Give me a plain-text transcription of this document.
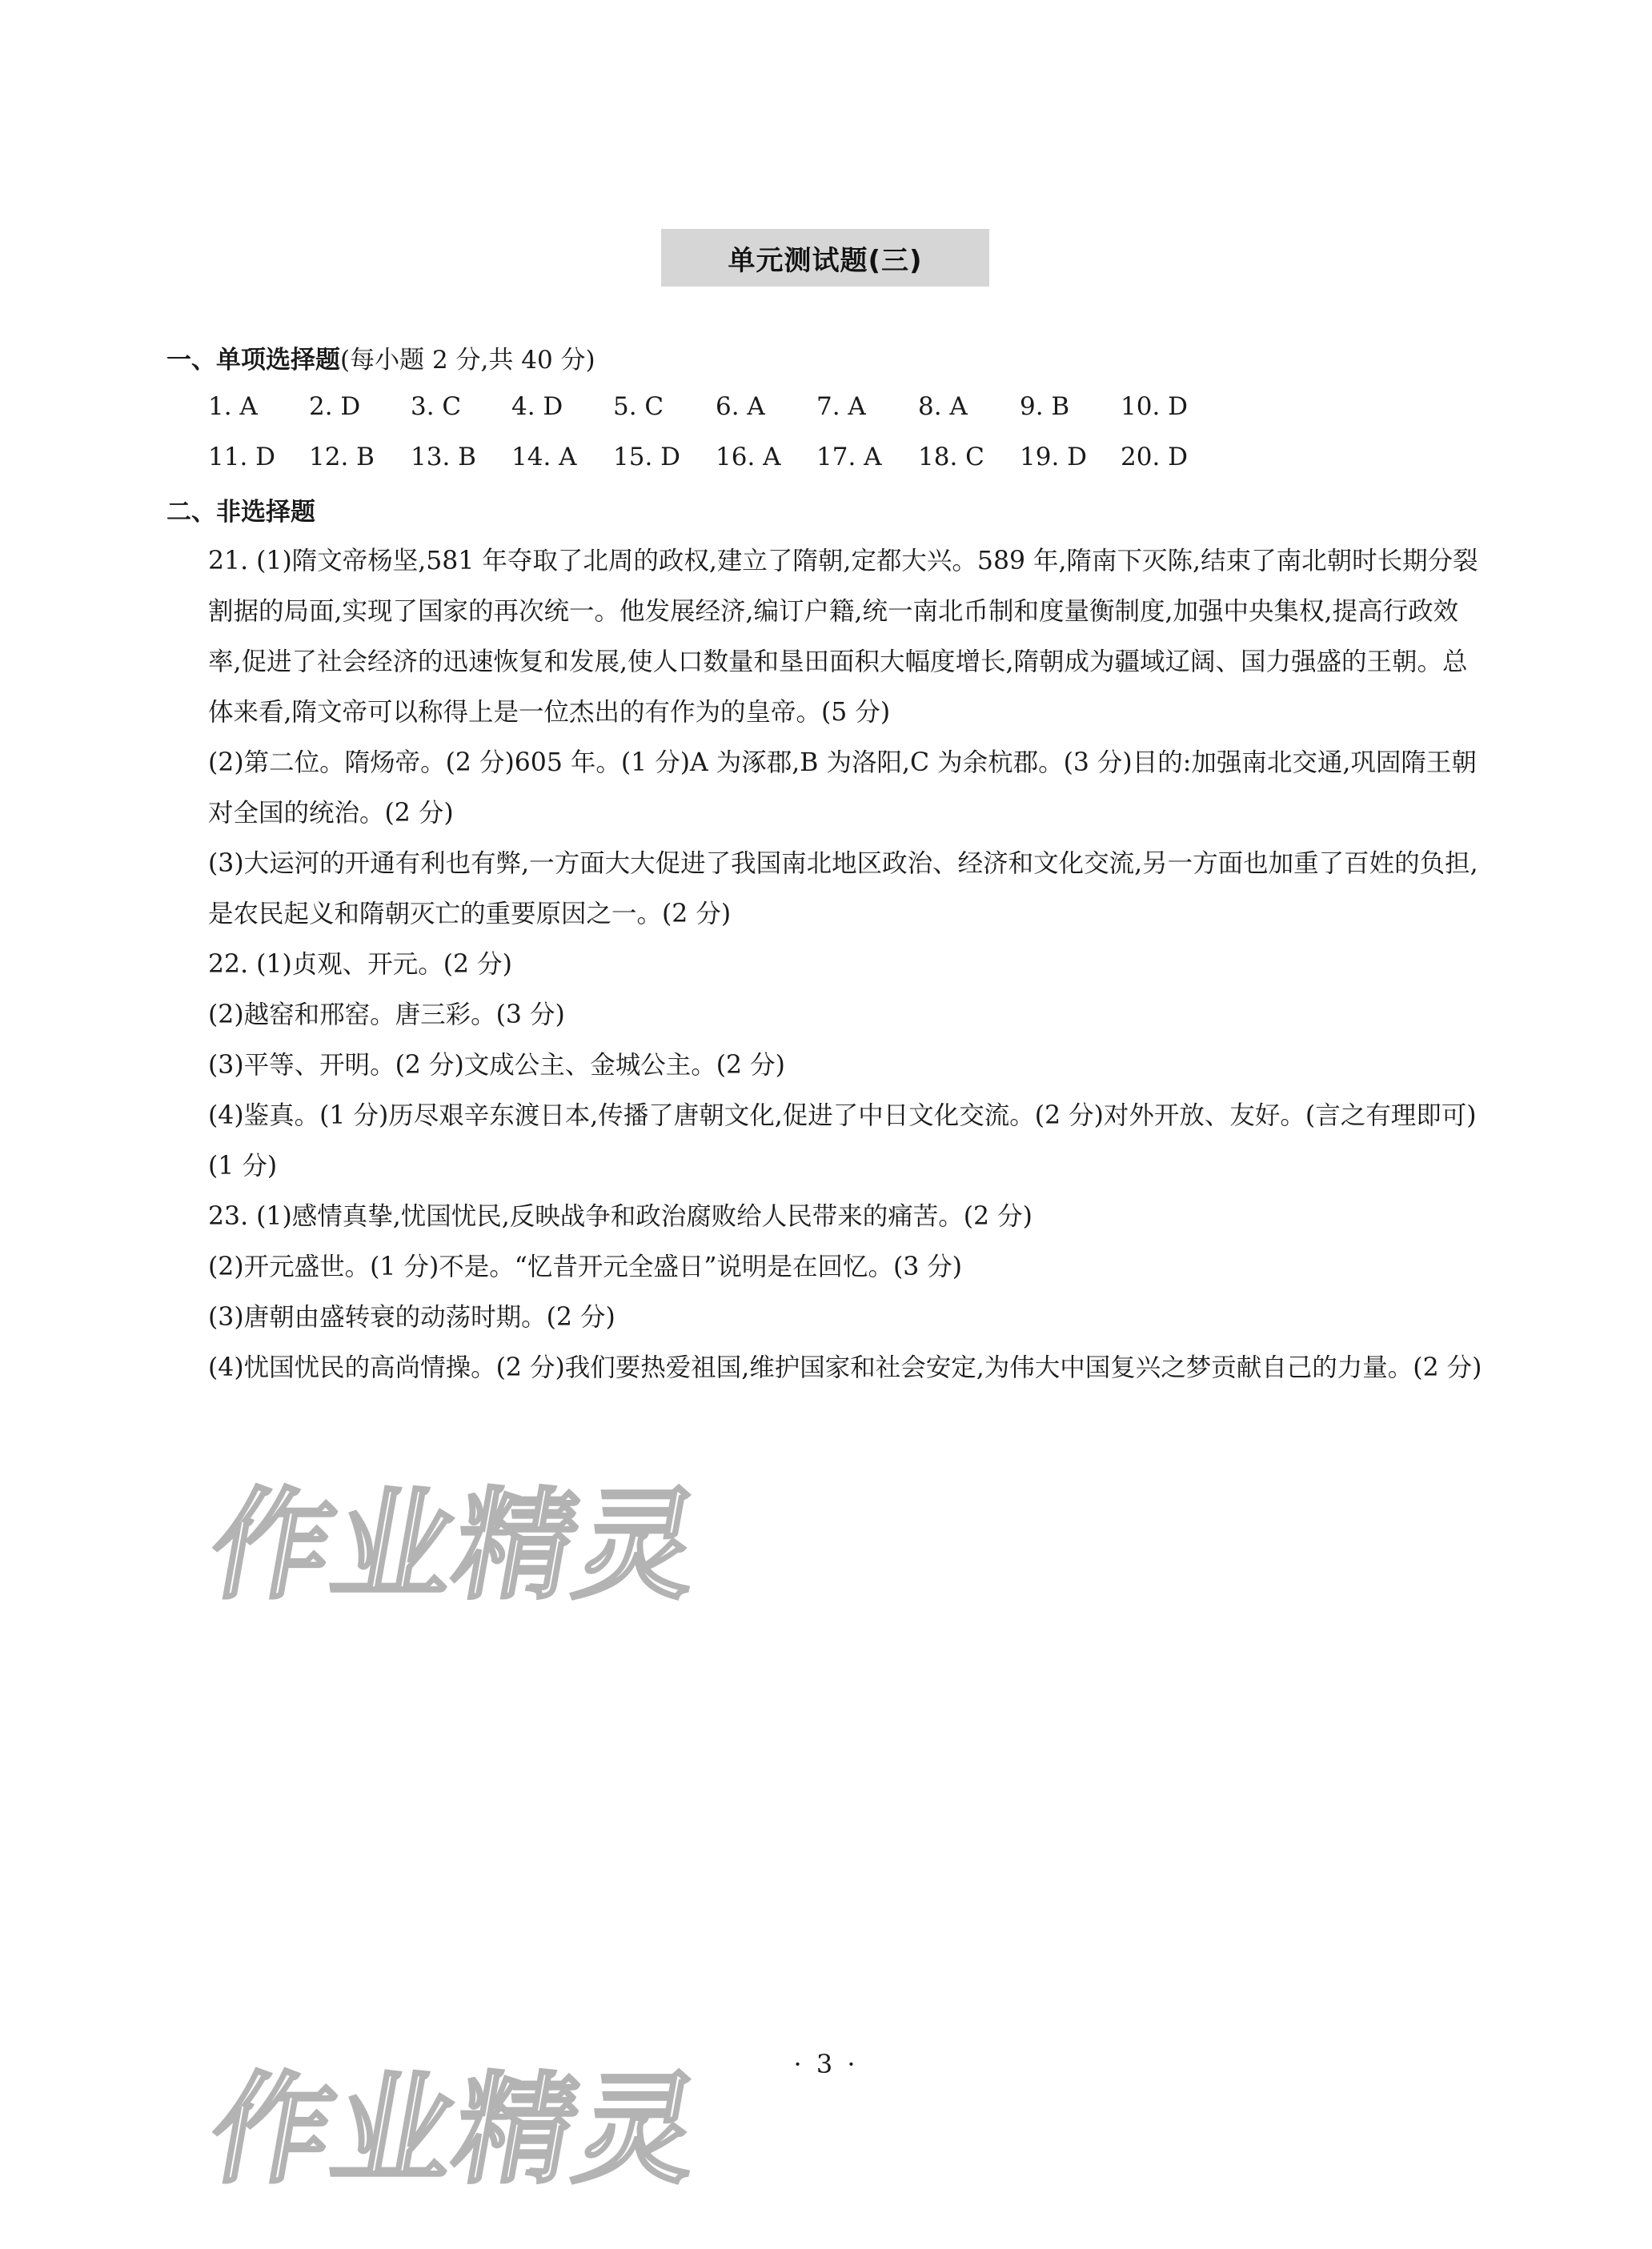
单元测试题(三)
一、单项选择题(每小题 2 分,共 40 分)
1. A 2. D 3. C 4. D 5. C 6. A 7. A 8. A 9. B 10. D
11. D 12. B 13. B 14. A 15. D 16. A 17. A 18. C 19. D 20. D
二、非选择题

21. (1)隋文帝杨坚,581 年夺取了北周的政权,建立了隋朝,定都大兴。589 年,隋南下灭陈,结束了南北朝时长期分裂割据的局面,实现了国家的再次统一。他发展经济,编订户籍,统一南北币制和度量衡制度,加强中央集权,提高行政效率,促进了社会经济的迅速恢复和发展,使人口数量和垦田面积大幅度增长,隋朝成为疆域辽阔、国力强盛的王朝。总体来看,隋文帝可以称得上是一位杰出的有作为的皇帝。(5 分)

(2)第二位。隋炀帝。(2 分)605 年。(1 分)A 为涿郡,B 为洛阳,C 为余杭郡。(3 分)目的:加强南北交通,巩固隋王朝对全国的统治。(2 分)

(3)大运河的开通有利也有弊,一方面大大促进了我国南北地区政治、经济和文化交流,另一方面也加重了百姓的负担,是农民起义和隋朝灭亡的重要原因之一。(2 分)

22. (1)贞观、开元。(2 分)

(2)越窑和邢窑。唐三彩。(3 分)

(3)平等、开明。(2 分)文成公主、金城公主。(2 分)

(4)鉴真。(1 分)历尽艰辛东渡日本,传播了唐朝文化,促进了中日文化交流。(2 分)对外开放、友好。(言之有理即可)(1 分)

23. (1)感情真挚,忧国忧民,反映战争和政治腐败给人民带来的痛苦。(2 分)

(2)开元盛世。(1 分)不是。“忆昔开元全盛日”说明是在回忆。(3 分)

(3)唐朝由盛转衰的动荡时期。(2 分)

(4)忧国忧民的高尚情操。(2 分)我们要热爱祖国,维护国家和社会安定,为伟大中国复兴之梦贡献自己的力量。(2 分)

作业精灵
作业精灵	· 3 ·
